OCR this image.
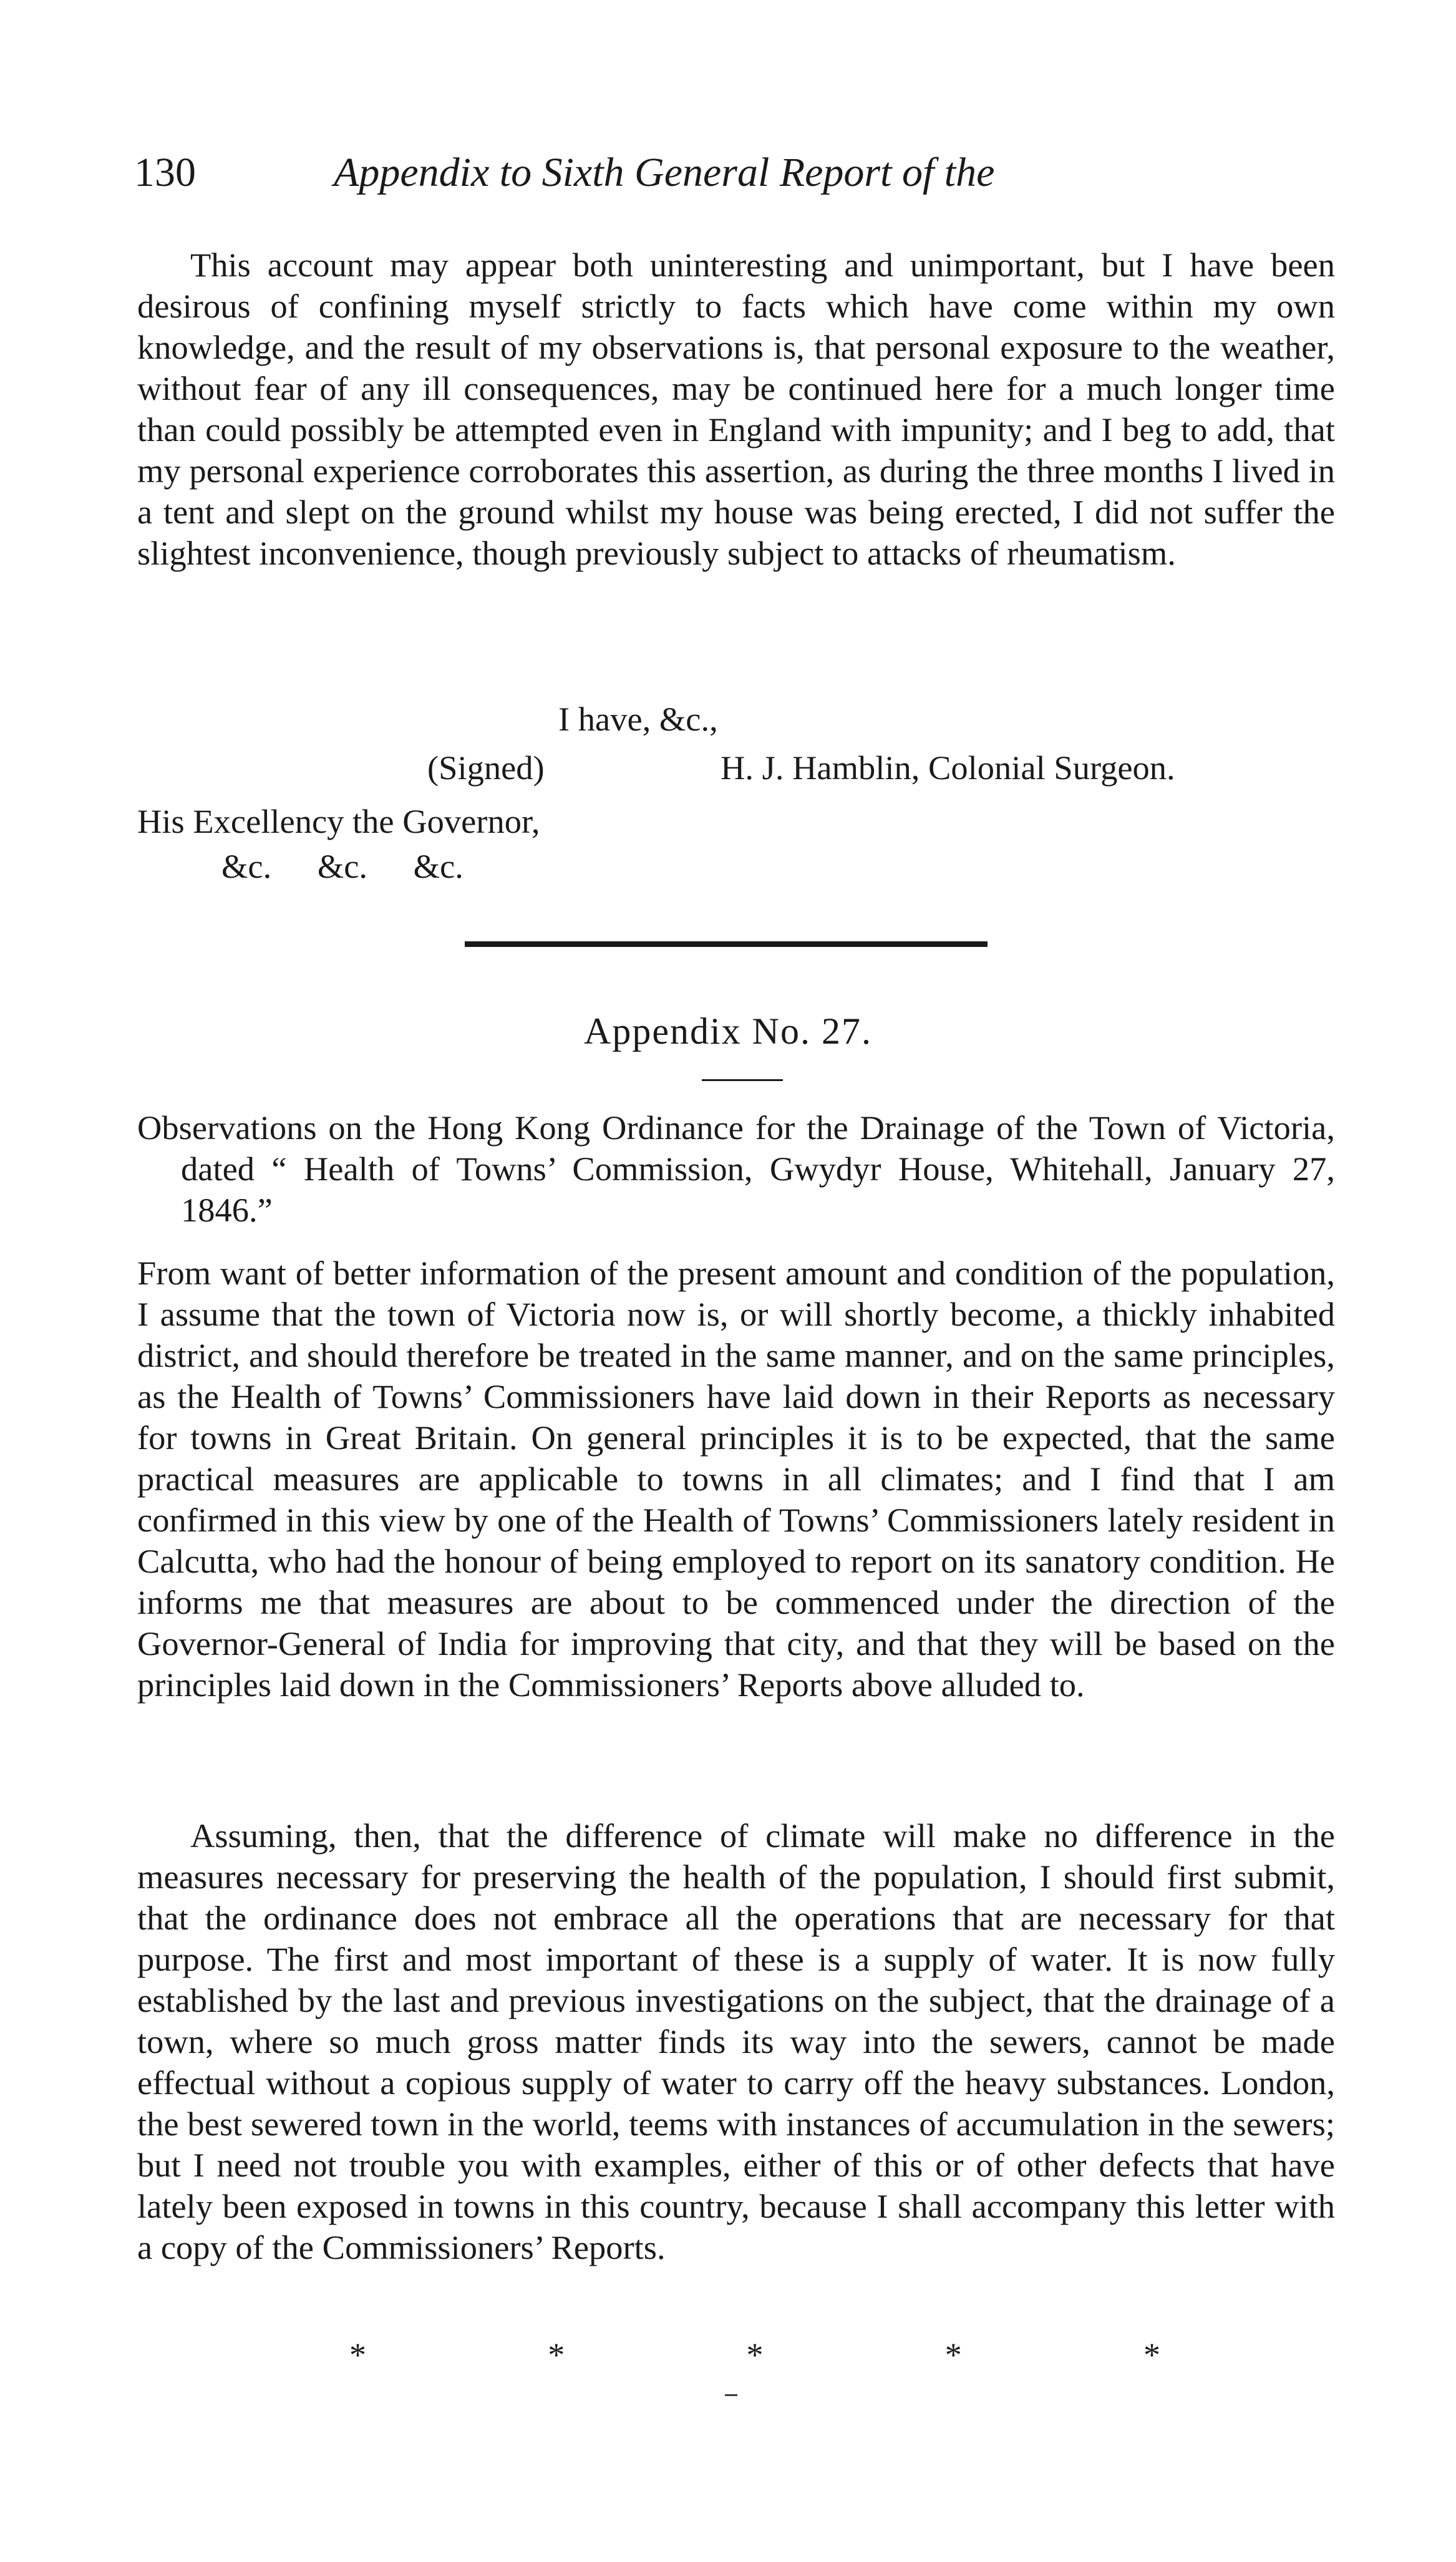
130	Appendix to Sixth General Report of the

This account may appear both uninteresting and unimportant, but I have been desirous of confining myself strictly to facts which have come within my own knowledge, and the result of my observations is, that personal exposure to the weather, without fear of any ill consequences, may be continued here for a much longer time than could possibly be attempted even in England with impunity; and I beg to add, that my personal experience corroborates this assertion, as during the three months I lived in a tent and slept on the ground whilst my house was being erected, I did not suffer the slightest inconvenience, though previously subject to attacks of rheumatism.

I have, &c.,
(Signed)	H. J. Hamblin, Colonial Surgeon.
His Excellency the Governor,
&c. &c. &c.
Appendix No. 27.
Observations on the Hong Kong Ordinance for the Drainage of the Town of Victoria, dated “ Health of Towns’ Commission, Gwydyr House, Whitehall, January 27, 1846.”

From want of better information of the present amount and condition of the population, I assume that the town of Victoria now is, or will shortly become, a thickly inhabited district, and should therefore be treated in the same manner, and on the same principles, as the Health of Towns’ Commissioners have laid down in their Reports as necessary for towns in Great Britain. On general principles it is to be expected, that the same practical measures are applicable to towns in all climates; and I find that I am confirmed in this view by one of the Health of Towns’ Commissioners lately resident in Calcutta, who had the honour of being employed to report on its sanatory condition. He informs me that measures are about to be commenced under the direction of the Governor-General of India for improving that city, and that they will be based on the principles laid down in the Commissioners’ Reports above alluded to.

Assuming, then, that the difference of climate will make no difference in the measures necessary for preserving the health of the population, I should first submit, that the ordinance does not embrace all the operations that are necessary for that purpose. The first and most important of these is a supply of water. It is now fully established by the last and previous investigations on the subject, that the drainage of a town, where so much gross matter finds its way into the sewers, cannot be made effectual without a copious supply of water to carry off the heavy substances. London, the best sewered town in the world, teems with instances of accumulation in the sewers; but I need not trouble you with examples, either of this or of other defects that have lately been exposed in towns in this country, because I shall accompany this letter with a copy of the Commissioners’ Reports.

*	*	*	*	*
